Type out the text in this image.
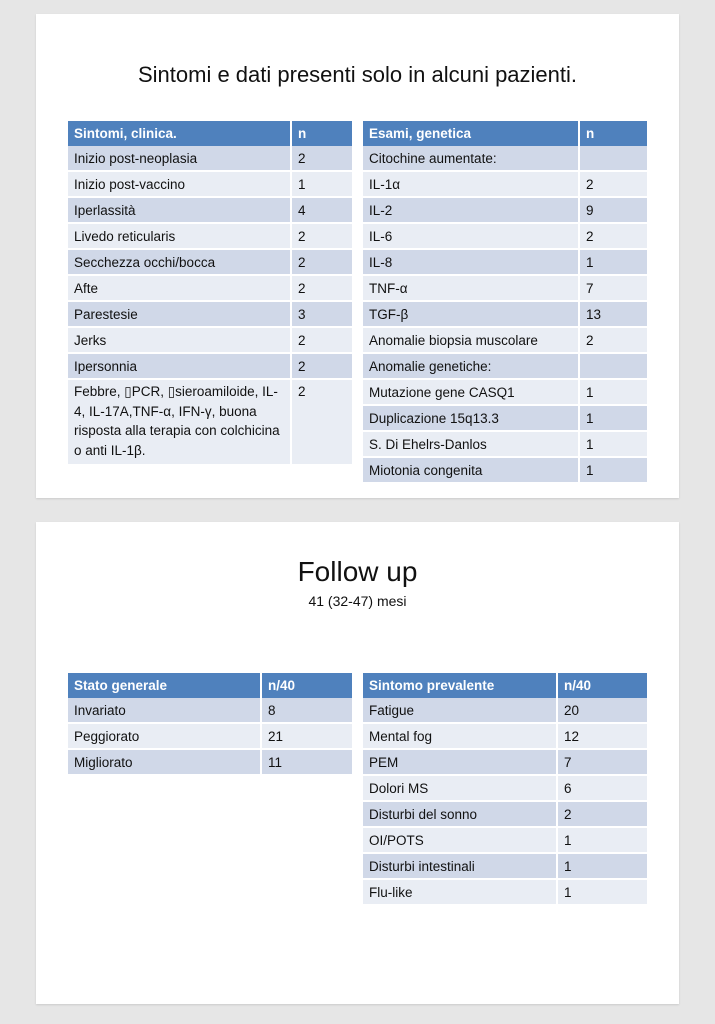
Sintomi e dati presenti solo in alcuni pazienti.
Sintomi, clinica.	n
Inizio post-neoplasia	2
Inizio post-vaccino	1
Iperlassità	4
Livedo reticularis	2
Secchezza occhi/bocca	2
Afte	2
Parestesie	3
Jerks	2
Ipersonnia	2
Febbre, ▯PCR, ▯sieroamiloide, IL-4, IL-17A,TNF-α, IFN-γ, buona risposta alla terapia con colchicina o anti IL-1β.	2
Esami, genetica	n
Citochine aumentate:	
IL-1α	2
IL-2	9
IL-6	2
IL-8	1
TNF-α	7
TGF-β	13
Anomalie biopsia muscolare	2
Anomalie genetiche:	
Mutazione gene CASQ1	1
Duplicazione 15q13.3	1
S. Di Ehelrs-Danlos	1
Miotonia congenita	1
Follow up
41 (32-47) mesi
Stato generale	n/40
Invariato	8
Peggiorato	21
Migliorato	11
Sintomo prevalente	n/40
Fatigue	20
Mental fog	12
PEM	7
Dolori MS	6
Disturbi del sonno	2
OI/POTS	1
Disturbi intestinali	1
Flu-like	1
